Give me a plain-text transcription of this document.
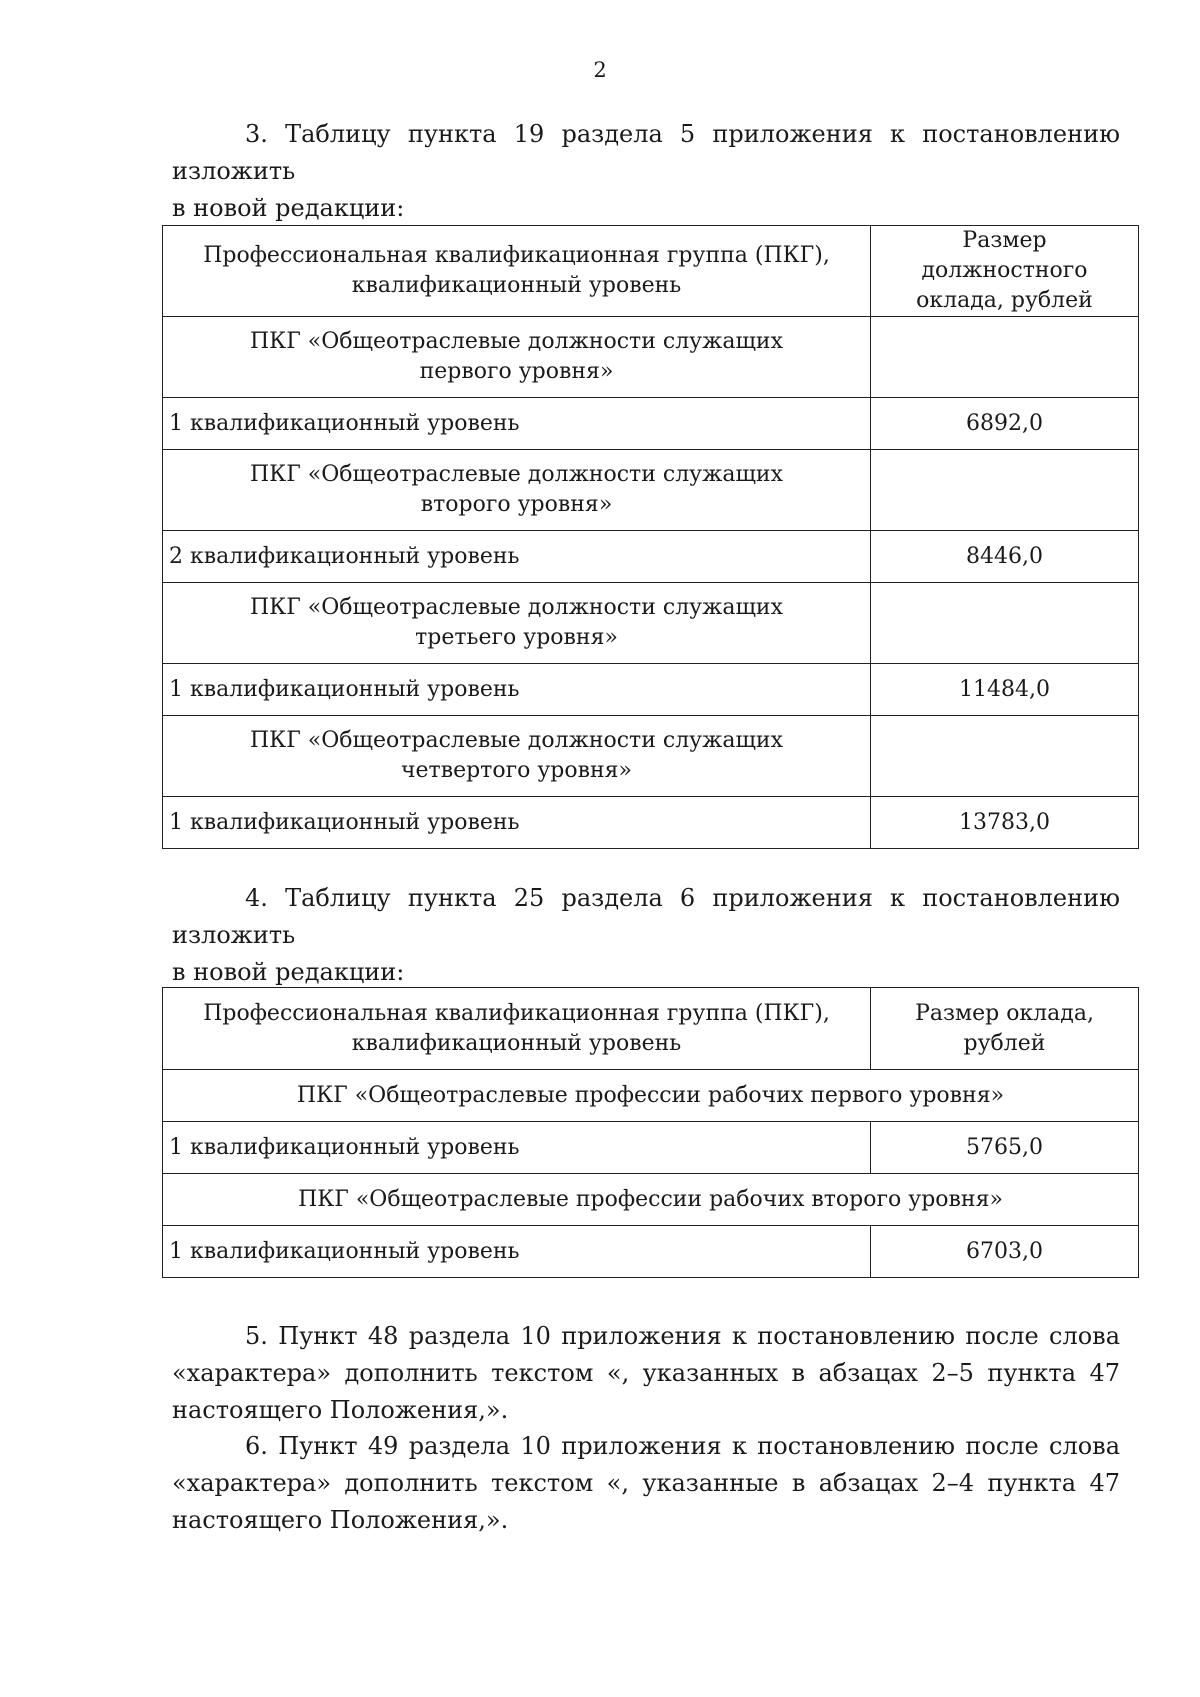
2

3. Таблицу пункта 19 раздела 5 приложения к постановлению изложить
в новой редакции:

Профессиональная квалификационная группа (ПКГ),
квалификационный уровень	Размер должностного
оклада, рублей
ПКГ «Общеотраслевые должности служащих
первого уровня»	
1 квалификационный уровень	6892,0
ПКГ «Общеотраслевые должности служащих
второго уровня»	
2 квалификационный уровень	8446,0
ПКГ «Общеотраслевые должности служащих
третьего уровня»	
1 квалификационный уровень	11484,0
ПКГ «Общеотраслевые должности служащих
четвертого уровня»	
1 квалификационный уровень	13783,0

4. Таблицу пункта 25 раздела 6 приложения к постановлению изложить
в новой редакции:

Профессиональная квалификационная группа (ПКГ),
квалификационный уровень	Размер оклада, рублей
ПКГ «Общеотраслевые профессии рабочих первого уровня»	
1 квалификационный уровень	5765,0
ПКГ «Общеотраслевые профессии рабочих второго уровня»	
1 квалификационный уровень	6703,0

5. Пункт 48 раздела 10 приложения к постановлению после слова «характера» дополнить текстом «, указанных в абзацах 2–5 пункта 47 настоящего Положения,».

6. Пункт 49 раздела 10 приложения к постановлению после слова «характера» дополнить текстом «, указанные в абзацах 2–4 пункта 47 настоящего Положения,».
